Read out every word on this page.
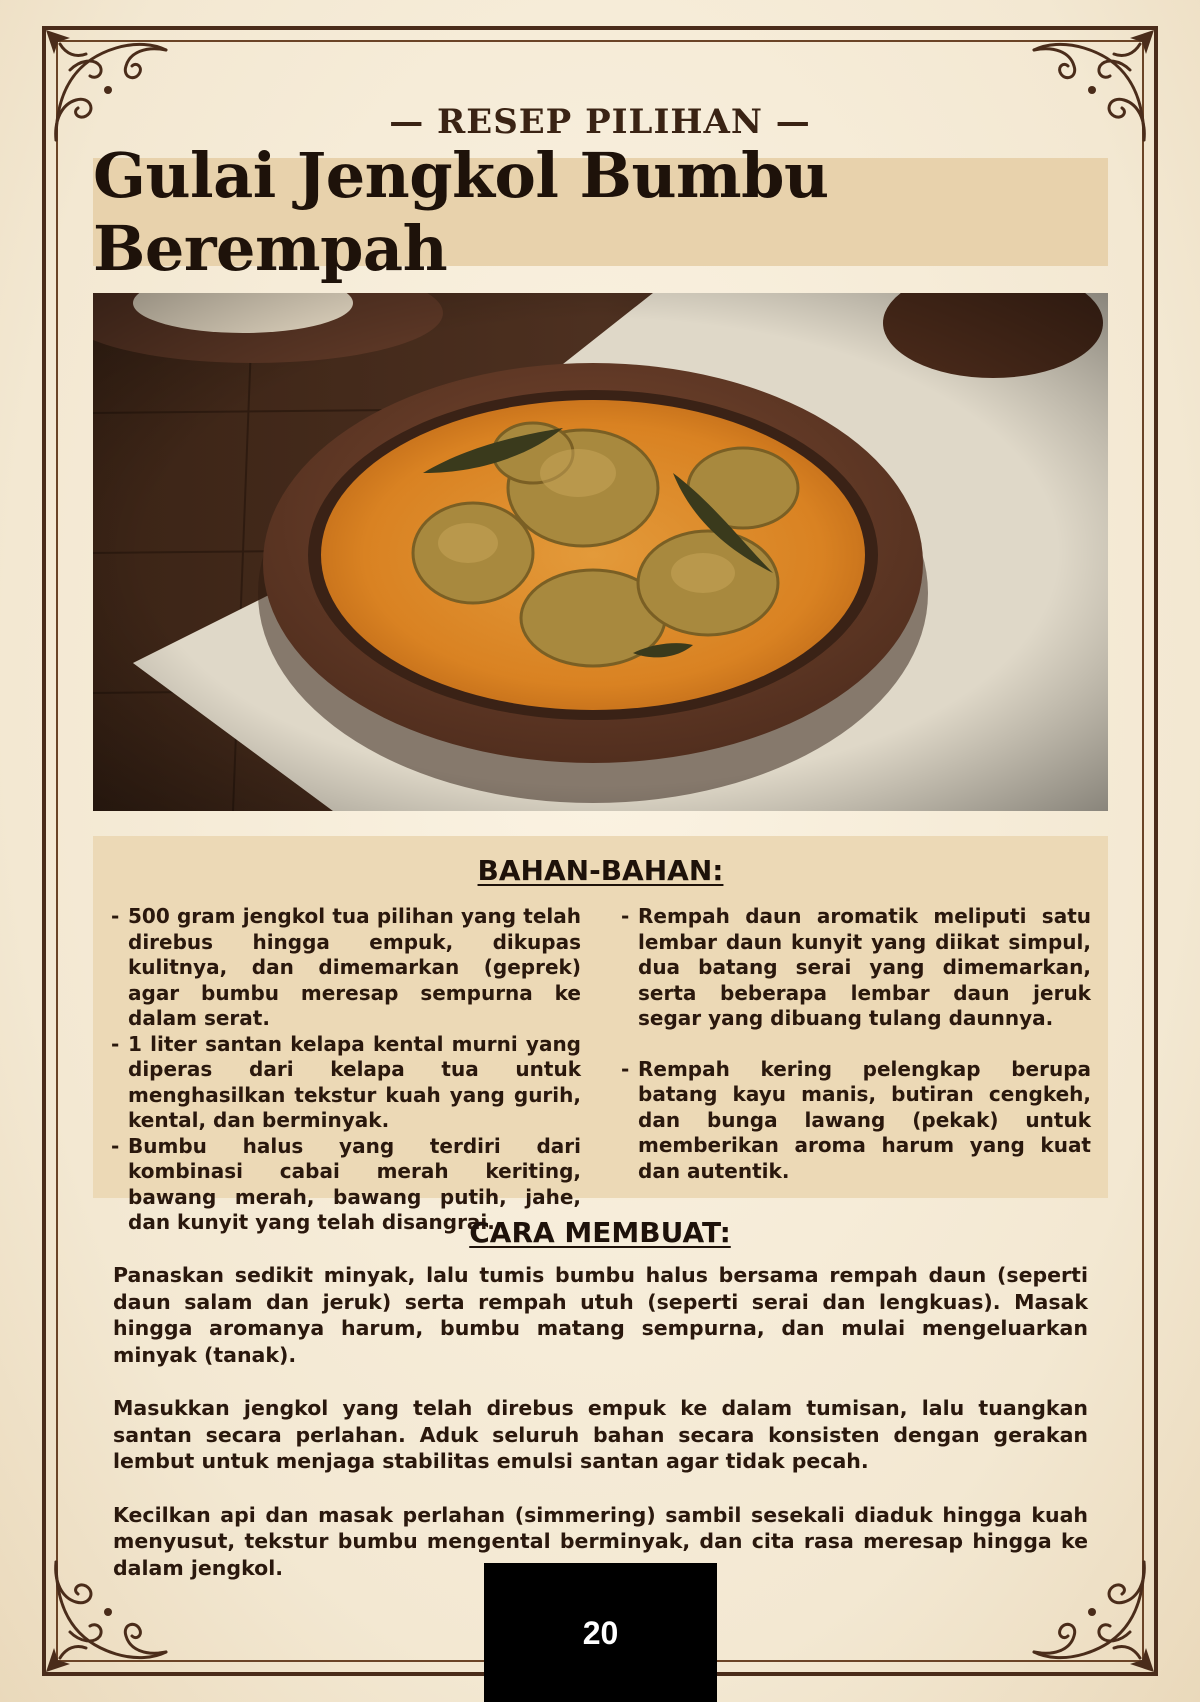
— RESEP PILIHAN —
Gulai Jengkol Bumbu Berempah
BAHAN-BAHAN:
- 500 gram jengkol tua pilihan yang telah direbus hingga empuk, dikupas kulitnya, dan dimemarkan (geprek) agar bumbu meresap sempurna ke dalam serat.
- 1 liter santan kelapa kental murni yang diperas dari kelapa tua untuk menghasilkan tekstur kuah yang gurih, kental, dan berminyak.
- Bumbu halus yang terdiri dari kombinasi cabai merah keriting, bawang merah, bawang putih, jahe, dan kunyit yang telah disangrai.
- Rempah daun aromatik meliputi satu lembar daun kunyit yang diikat simpul, dua batang serai yang dimemarkan, serta beberapa lembar daun jeruk segar yang dibuang tulang daunnya.
- Rempah kering pelengkap berupa batang kayu manis, butiran cengkeh, dan bunga lawang (pekak) untuk memberikan aroma harum yang kuat dan autentik.
CARA MEMBUAT:

Panaskan sedikit minyak, lalu tumis bumbu halus bersama rempah daun (seperti daun salam dan jeruk) serta rempah utuh (seperti serai dan lengkuas). Masak hingga aromanya harum, bumbu matang sempurna, dan mulai mengeluarkan minyak (tanak).

Masukkan jengkol yang telah direbus empuk ke dalam tumisan, lalu tuangkan santan secara perlahan. Aduk seluruh bahan secara konsisten dengan gerakan lembut untuk menjaga stabilitas emulsi santan agar tidak pecah.

Kecilkan api dan masak perlahan (simmering) sambil sesekali diaduk hingga kuah menyusut, tekstur bumbu mengental berminyak, dan cita rasa meresap hingga ke dalam jengkol.

20
